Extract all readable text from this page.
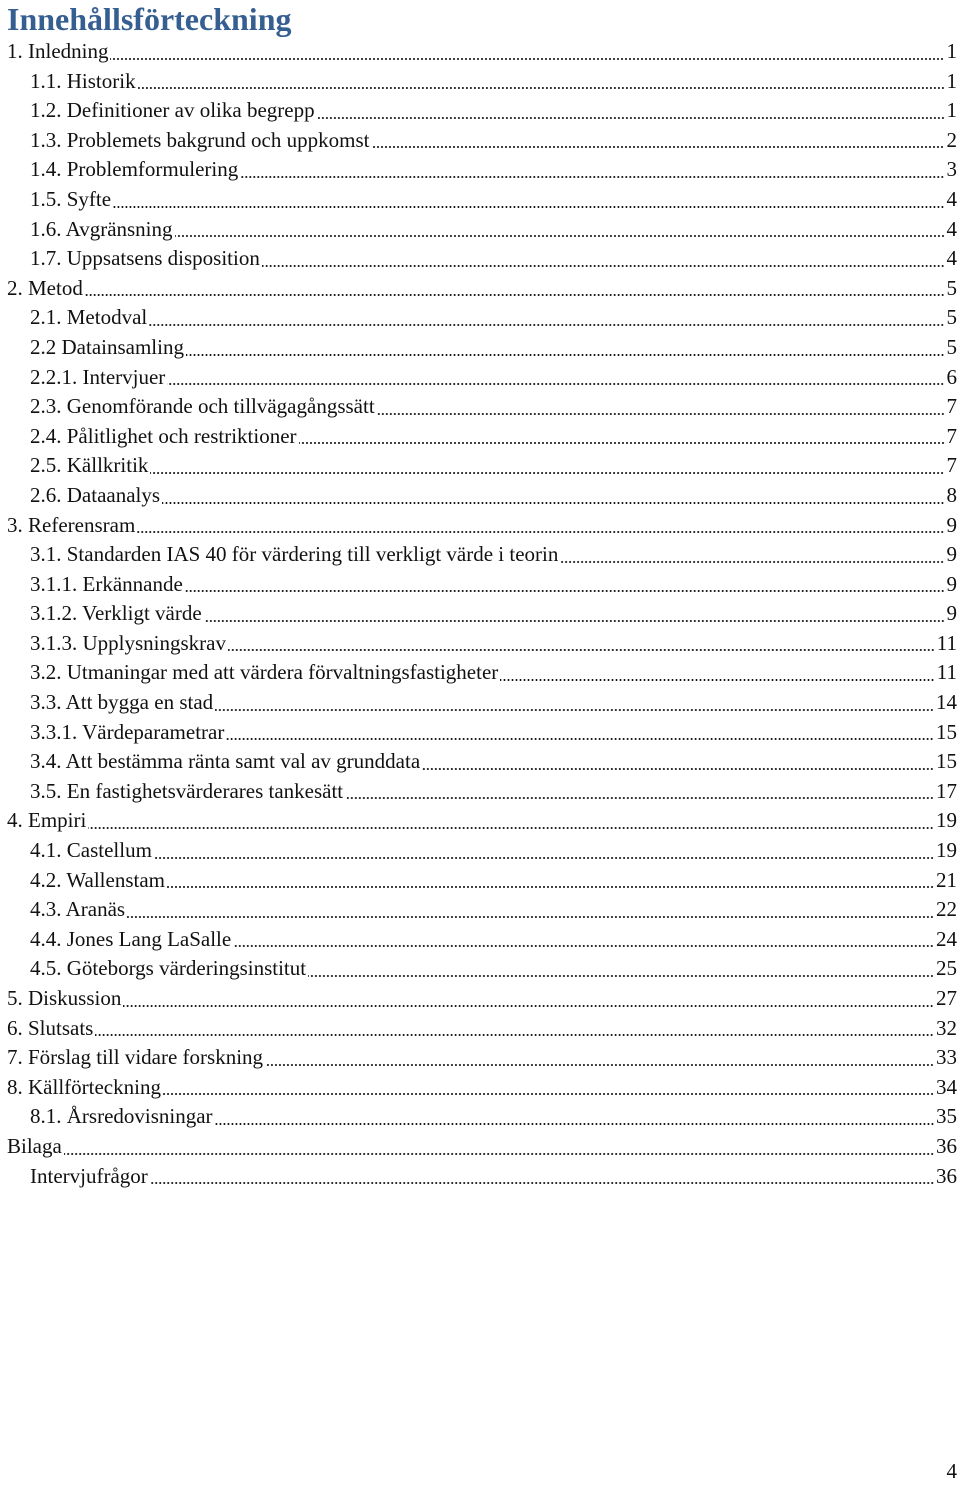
Innehållsförteckning
1. Inledning	1
1.1. Historik	1
1.2. Definitioner av olika begrepp	1
1.3. Problemets bakgrund och uppkomst	2
1.4. Problemformulering	3
1.5. Syfte	4
1.6. Avgränsning	4
1.7. Uppsatsens disposition	4
2. Metod	5
2.1. Metodval	5
2.2 Datainsamling	5
2.2.1. Intervjuer	6
2.3. Genomförande och tillvägagångssätt	7
2.4. Pålitlighet och restriktioner	7
2.5. Källkritik	7
2.6. Dataanalys	8
3. Referensram	9
3.1. Standarden IAS 40 för värdering till verkligt värde i teorin	9
3.1.1. Erkännande	9
3.1.2. Verkligt värde	9
3.1.3. Upplysningskrav	11
3.2. Utmaningar med att värdera förvaltningsfastigheter	11
3.3. Att bygga en stad	14
3.3.1. Värdeparametrar	15
3.4. Att bestämma ränta samt val av grunddata	15
3.5. En fastighetsvärderares tankesätt	17
4. Empiri	19
4.1. Castellum	19
4.2. Wallenstam	21
4.3. Aranäs	22
4.4. Jones Lang LaSalle	24
4.5. Göteborgs värderingsinstitut	25
5. Diskussion	27
6. Slutsats	32
7. Förslag till vidare forskning	33
8. Källförteckning	34
8.1. Årsredovisningar	35
Bilaga	36
Intervjufrågor	36
4
